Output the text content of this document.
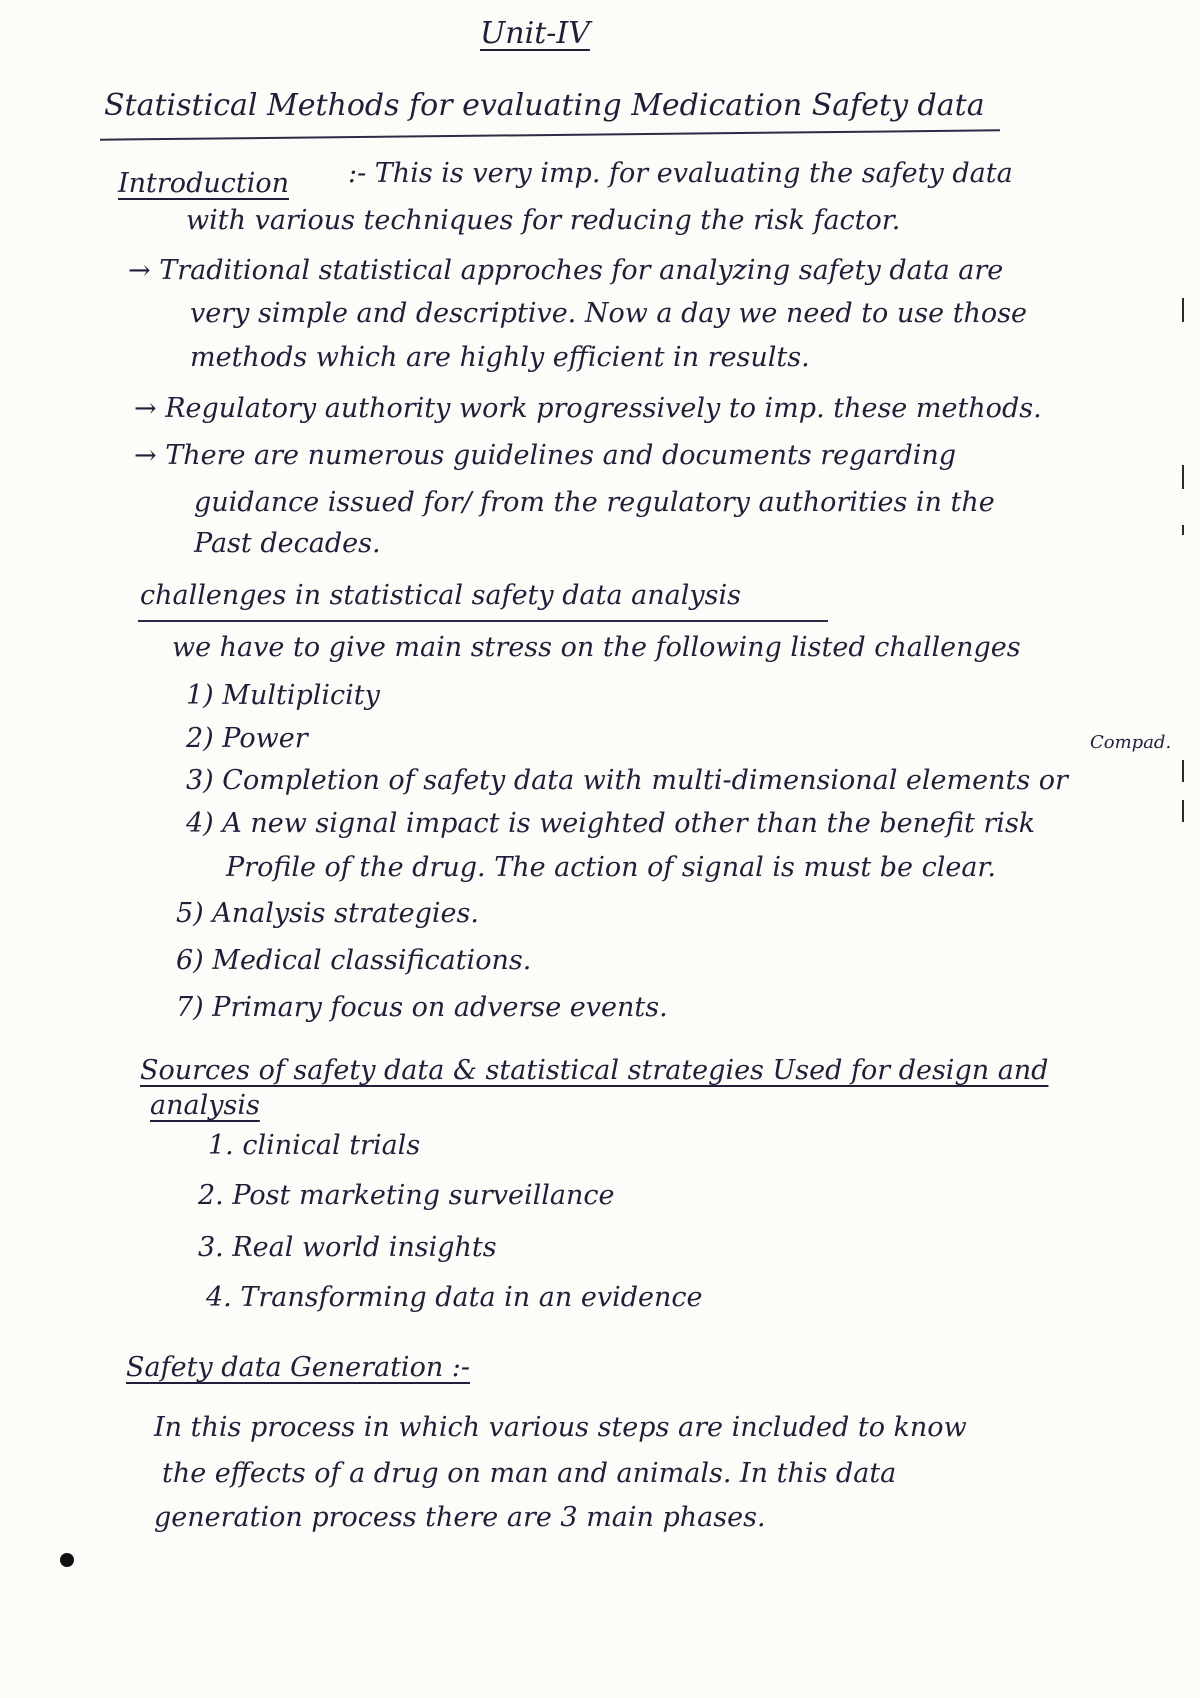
Unit-IV
Statistical Methods for evaluating Medication Safety data
Introduction :- This is very imp. for evaluating the safety data
with various techniques for reducing the risk factor.
→ Traditional statistical approches for analyzing safety data are
very simple and descriptive. Now a day we need to use those
methods which are highly efficient in results.
→ Regulatory authority work progressively to imp. these methods.
→ There are numerous guidelines and documents regarding
guidance issued for/ from the regulatory authorities in the
Past decades.
challenges in statistical safety data analysis
we have to give main stress on the following listed challenges
1) Multiplicity
2) Power	Compad.
3) Completion of safety data with multi-dimensional elements or
4) A new signal impact is weighted other than the benefit risk
Profile of the drug. The action of signal is must be clear.
5) Analysis strategies.
6) Medical classifications.
7) Primary focus on adverse events.
Sources of safety data & statistical strategies Used for design and
analysis
1. clinical trials
2. Post marketing surveillance
3. Real world insights
4. Transforming data in an evidence
Safety data Generation :-
In this process in which various steps are included to know
the effects of a drug on man and animals. In this data
generation process there are 3 main phases.
